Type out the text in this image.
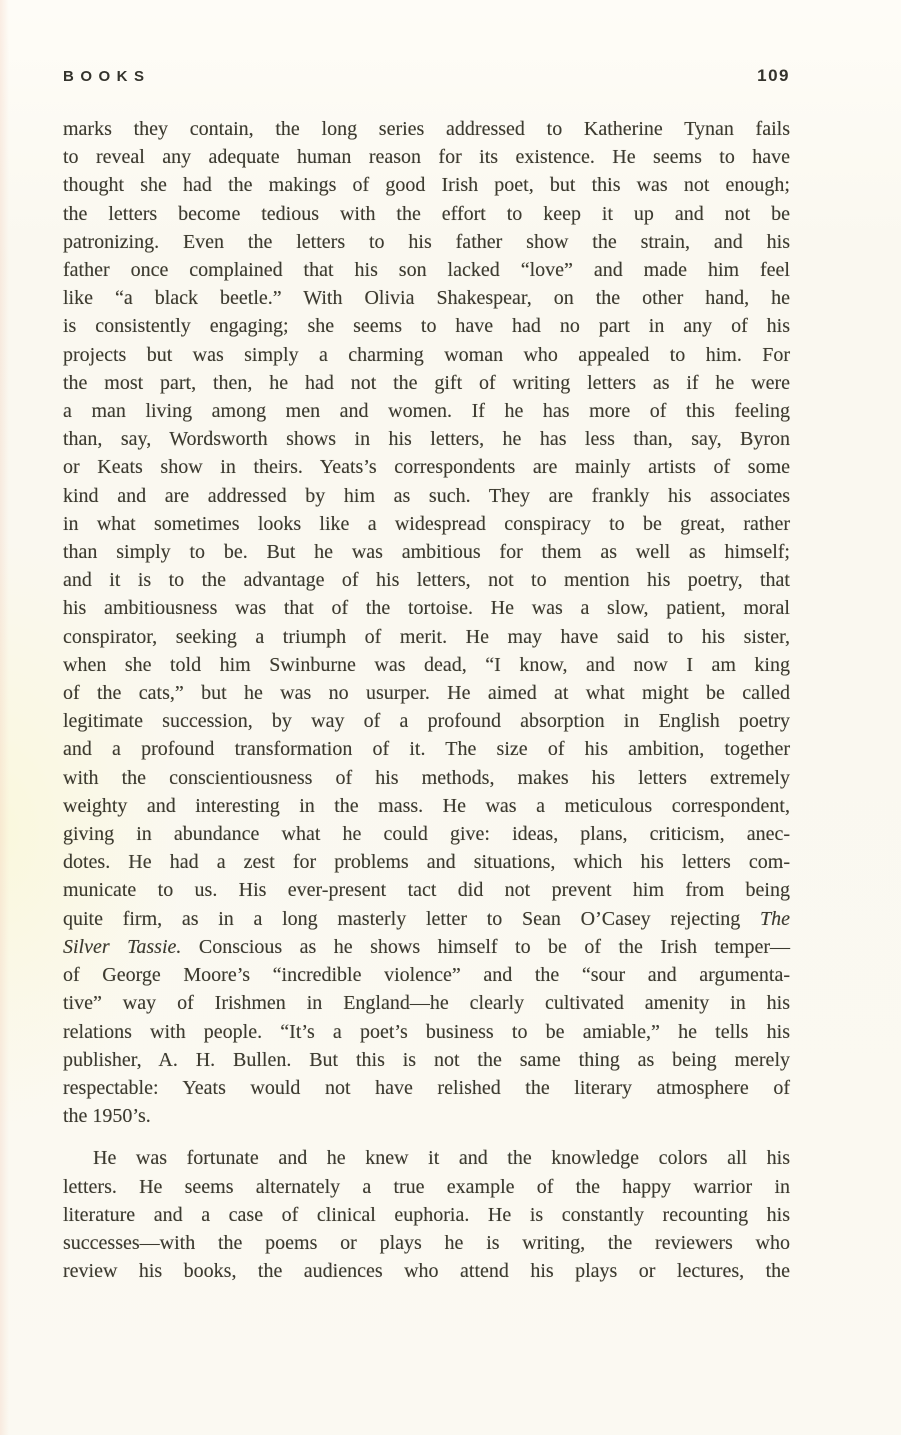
BOOKS	109
marks they contain, the long series addressed to Katherine Tynan fails
to reveal any adequate human reason for its existence. He seems to have
thought she had the makings of good Irish poet, but this was not enough;
the letters become tedious with the effort to keep it up and not be
patronizing. Even the letters to his father show the strain, and his
father once complained that his son lacked “love” and made him feel
like “a black beetle.” With Olivia Shakespear, on the other hand, he
is consistently engaging; she seems to have had no part in any of his
projects but was simply a charming woman who appealed to him. For
the most part, then, he had not the gift of writing letters as if he were
a man living among men and women. If he has more of this feeling
than, say, Wordsworth shows in his letters, he has less than, say, Byron
or Keats show in theirs. Yeats’s correspondents are mainly artists of some
kind and are addressed by him as such. They are frankly his associates
in what sometimes looks like a widespread conspiracy to be great, rather
than simply to be. But he was ambitious for them as well as himself;
and it is to the advantage of his letters, not to mention his poetry, that
his ambitiousness was that of the tortoise. He was a slow, patient, moral
conspirator, seeking a triumph of merit. He may have said to his sister,
when she told him Swinburne was dead, “I know, and now I am king
of the cats,” but he was no usurper. He aimed at what might be called
legitimate succession, by way of a profound absorption in English poetry
and a profound transformation of it. The size of his ambition, together
with the conscientiousness of his methods, makes his letters extremely
weighty and interesting in the mass. He was a meticulous correspondent,
giving in abundance what he could give: ideas, plans, criticism, anec-
dotes. He had a zest for problems and situations, which his letters com-
municate to us. His ever-present tact did not prevent him from being
quite firm, as in a long masterly letter to Sean O’Casey rejecting The
Silver Tassie. Conscious as he shows himself to be of the Irish temper—
of George Moore’s “incredible violence” and the “sour and argumenta-
tive” way of Irishmen in England—he clearly cultivated amenity in his
relations with people. “It’s a poet’s business to be amiable,” he tells his
publisher, A. H. Bullen. But this is not the same thing as being merely
respectable: Yeats would not have relished the literary atmosphere of
the 1950’s.
He was fortunate and he knew it and the knowledge colors all his
letters. He seems alternately a true example of the happy warrior in
literature and a case of clinical euphoria. He is constantly recounting his
successes—with the poems or plays he is writing, the reviewers who
review his books, the audiences who attend his plays or lectures, the
